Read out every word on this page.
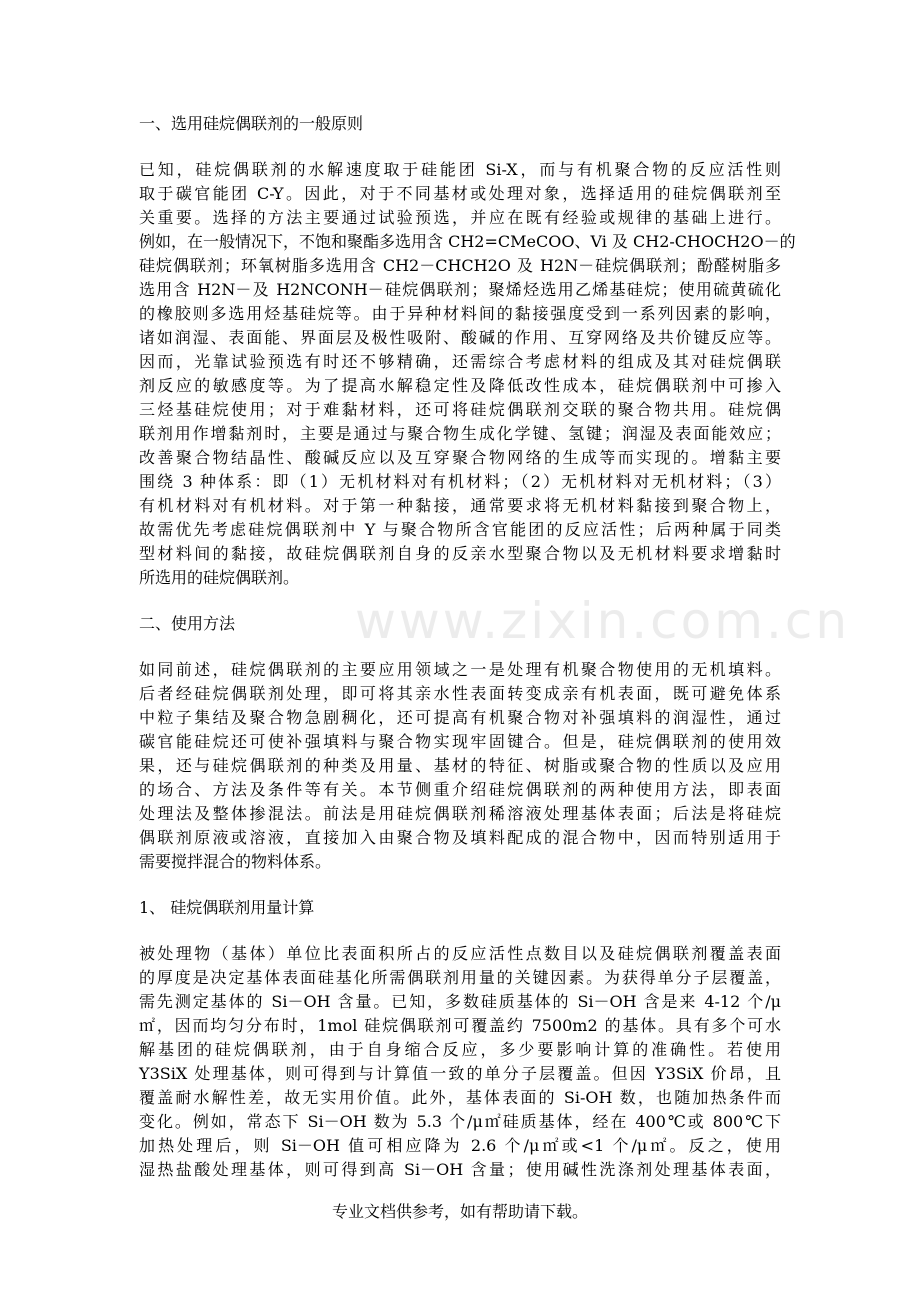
一、选用硅烷偶联剂的一般原则

已知，硅烷偶联剂的水解速度取于硅能团 Si-X，而与有机聚合物的反应活性则

取于碳官能团 C-Y。因此，对于不同基材或处理对象，选择适用的硅烷偶联剂至

关重要。选择的方法主要通过试验预选，并应在既有经验或规律的基础上进行。

例如，在一般情况下，不饱和聚酯多选用含 CH2=CMeCOO、Vi 及 CH2-CHOCH2O－的

硅烷偶联剂；环氧树脂多选用含 CH2－CHCH2O 及 H2N－硅烷偶联剂；酚醛树脂多

选用含 H2N－及 H2NCONH－硅烷偶联剂；聚烯烃选用乙烯基硅烷；使用硫黄硫化

的橡胶则多选用烃基硅烷等。由于异种材料间的黏接强度受到一系列因素的影响，

诸如润湿、表面能、界面层及极性吸附、酸碱的作用、互穿网络及共价键反应等。

因而，光靠试验预选有时还不够精确，还需综合考虑材料的组成及其对硅烷偶联

剂反应的敏感度等。为了提高水解稳定性及降低改性成本，硅烷偶联剂中可掺入

三烃基硅烷使用；对于难黏材料，还可将硅烷偶联剂交联的聚合物共用。硅烷偶

联剂用作增黏剂时，主要是通过与聚合物生成化学键、氢键；润湿及表面能效应；

改善聚合物结晶性、酸碱反应以及互穿聚合物网络的生成等而实现的。增黏主要

围绕 3 种体系：即（1）无机材料对有机材料；（2）无机材料对无机材料；（3）

有机材料对有机材料。对于第一种黏接，通常要求将无机材料黏接到聚合物上，

故需优先考虑硅烷偶联剂中 Y 与聚合物所含官能团的反应活性；后两种属于同类

型材料间的黏接，故硅烷偶联剂自身的反亲水型聚合物以及无机材料要求增黏时

所选用的硅烷偶联剂。

二、使用方法

如同前述，硅烷偶联剂的主要应用领域之一是处理有机聚合物使用的无机填料。

后者经硅烷偶联剂处理，即可将其亲水性表面转变成亲有机表面，既可避免体系

中粒子集结及聚合物急剧稠化，还可提高有机聚合物对补强填料的润湿性，通过

碳官能硅烷还可使补强填料与聚合物实现牢固键合。但是，硅烷偶联剂的使用效

果，还与硅烷偶联剂的种类及用量、基材的特征、树脂或聚合物的性质以及应用

的场合、方法及条件等有关。本节侧重介绍硅烷偶联剂的两种使用方法，即表面

处理法及整体掺混法。前法是用硅烷偶联剂稀溶液处理基体表面；后法是将硅烷

偶联剂原液或溶液，直接加入由聚合物及填料配成的混合物中，因而特别适用于

需要搅拌混合的物料体系。

1、 硅烷偶联剂用量计算

被处理物（基体）单位比表面积所占的反应活性点数目以及硅烷偶联剂覆盖表面

的厚度是决定基体表面硅基化所需偶联剂用量的关键因素。为获得单分子层覆盖，

需先测定基体的 Si－OH 含量。已知，多数硅质基体的 Si－OH 含是来 4-12 个/μ

㎡，因而均匀分布时，1mol 硅烷偶联剂可覆盖约 7500m2 的基体。具有多个可水

解基团的硅烷偶联剂，由于自身缩合反应，多少要影响计算的准确性。若使用

Y3SiX 处理基体，则可得到与计算值一致的单分子层覆盖。但因 Y3SiX 价昂，且

覆盖耐水解性差，故无实用价值。此外，基体表面的 Si-OH 数，也随加热条件而

变化。例如，常态下 Si－OH 数为 5.3 个/μ㎡硅质基体，经在 400℃或 800℃下

加热处理后，则 Si－OH 值可相应降为 2.6 个/μ㎡或<1 个/μ㎡。反之，使用

湿热盐酸处理基体，则可得到高 Si－OH 含量；使用碱性洗涤剂处理基体表面，

www.zixin.com.cn
专业文档供参考，如有帮助请下载。
